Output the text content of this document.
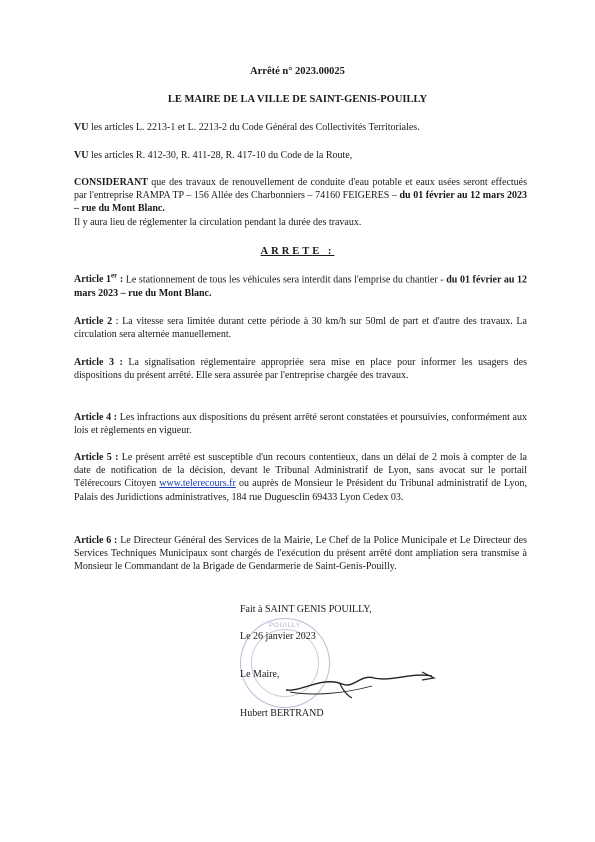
Arrêté n° 2023.00025
LE MAIRE DE LA VILLE DE SAINT-GENIS-POUILLY
VU les articles L. 2213-1 et L. 2213-2 du Code Général des Collectivités Territoriales.
VU les articles R. 412-30, R. 411-28, R. 417-10 du Code de la Route,
CONSIDERANT que des travaux de renouvellement de conduite d'eau potable et eaux usées seront effectués par l'entreprise RAMPA TP – 156 Allée des Charbonniers – 74160 FEIGERES – du 01 février au 12 mars 2023 – rue du Mont Blanc.
Il y aura lieu de réglementer la circulation pendant la durée des travaux.
ARRETE :
Article 1er : Le stationnement de tous les véhicules sera interdit dans l'emprise du chantier - du 01 février au 12 mars 2023 – rue du Mont Blanc.
Article 2 : La vitesse sera limitée durant cette période à 30 km/h sur 50ml de part et d'autre des travaux. La circulation sera alternée manuellement.
Article 3 : La signalisation réglementaire appropriée sera mise en place pour informer les usagers des dispositions du présent arrêté. Elle sera assurée par l'entreprise chargée des travaux.
Article 4 : Les infractions aux dispositions du présent arrêté seront constatées et poursuivies, conformément aux lois et règlements en vigueur.
Article 5 : Le présent arrêté est susceptible d'un recours contentieux, dans un délai de 2 mois à compter de la date de notification de la décision, devant le Tribunal Administratif de Lyon, sans avocat sur le portail Télérecours Citoyen www.telerecours.fr ou auprès de Monsieur le Président du Tribunal administratif de Lyon, Palais des Juridictions administratives, 184 rue Duguesclin 69433 Lyon Cedex 03.
Article 6 : Le Directeur Général des Services de la Mairie, Le Chef de la Police Municipale et Le Directeur des Services Techniques Municipaux sont chargés de l'exécution du présent arrêté dont ampliation sera transmise à Monsieur le Commandant de la Brigade de Gendarmerie de Saint-Genis-Pouilly.
POUILLY
Fait à SAINT GENIS POUILLY,
Le 26 janvier 2023
Le Maire,
Hubert BERTRAND
